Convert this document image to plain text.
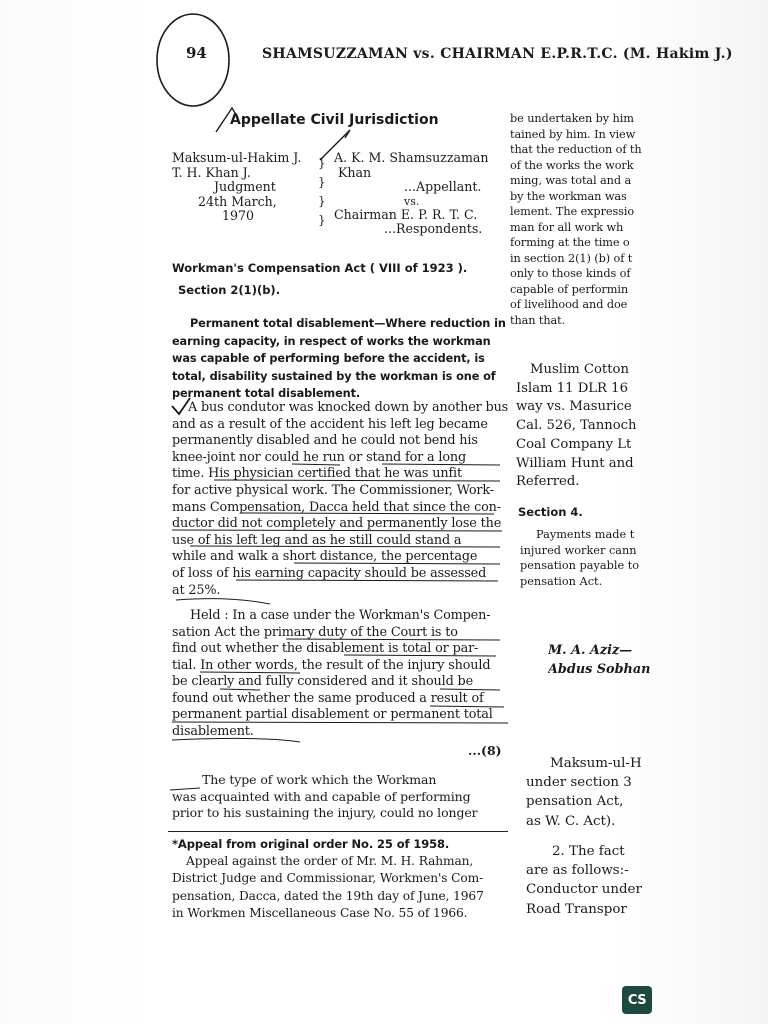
94	SHAMSUZZAMAN vs. CHAIRMAN E.P.R.T.C. (M. Hakim J.)
Appellate Civil Jurisdiction
Maksum-ul-Hakim J.
T. H. Khan J.
Judgment
24th March,
1970
}
}
}
}
A. K. M. Shamsuzzaman
Khan
...Appellant.
vs.
Chairman E. P. R. T. C.
...Respondents.
Workman's Compensation Act ( VIII of 1923 ).
Section 2(1)(b).
Permanent total disablement—Where reduction in
earning capacity, in respect of works the workman
was capable of performing before the accident, is
total, disability sustained by the workman is one of
permanent total disablement.
A bus condutor was knocked down by another bus
and as a result of the accident his left leg became
permanently disabled and he could not bend his
knee-joint nor could he run or stand for a long
time. His physician certified that he was unfit
for active physical work. The Commissioner, Work-
mans Compensation, Dacca held that since the con-
ductor did not completely and permanently lose the
use of his left leg and as he still could stand a
while and walk a short distance, the percentage
of loss of his earning capacity should be assessed
at 25%.
Held : In a case under the Workman's Compen-
sation Act the primary duty of the Court is to
find out whether the disablement is total or par-
tial. In other words, the result of the injury should
be clearly and fully considered and it should be
found out whether the same produced a result of
permanent partial disablement or permanent total
disablement.
...(8)
The type of work which the Workman
was acquainted with and capable of performing
prior to his sustaining the injury, could no longer
*Appeal from original order No. 25 of 1958.
Appeal against the order of Mr. M. H. Rahman,
District Judge and Commissionar, Workmen's Com-
pensation, Dacca, dated the 19th day of June, 1967
in Workmen Miscellaneous Case No. 55 of 1966.
be undertaken by him
tained by him. In view
that the reduction of th
of the works the work
ming, was total and a
by the workman was
lement. The expressio
man for all work wh
forming at the time o
in section 2(1) (b) of t
only to those kinds of
capable of performin
of livelihood and doe
than that.
Muslim Cotton
Islam 11 DLR 16
way vs. Masurice
Cal. 526, Tannoch
Coal Company Lt
William Hunt and
Referred.
Section 4.
Payments made t
injured worker cann
pensation payable to
pensation Act.
M. A. Aziz—
Abdus Sobhan
Maksum-ul-H
under section 3
pensation Act,
as W. C. Act).
2. The fact
are as follows:-
Conductor under
Road Transpor
CS
